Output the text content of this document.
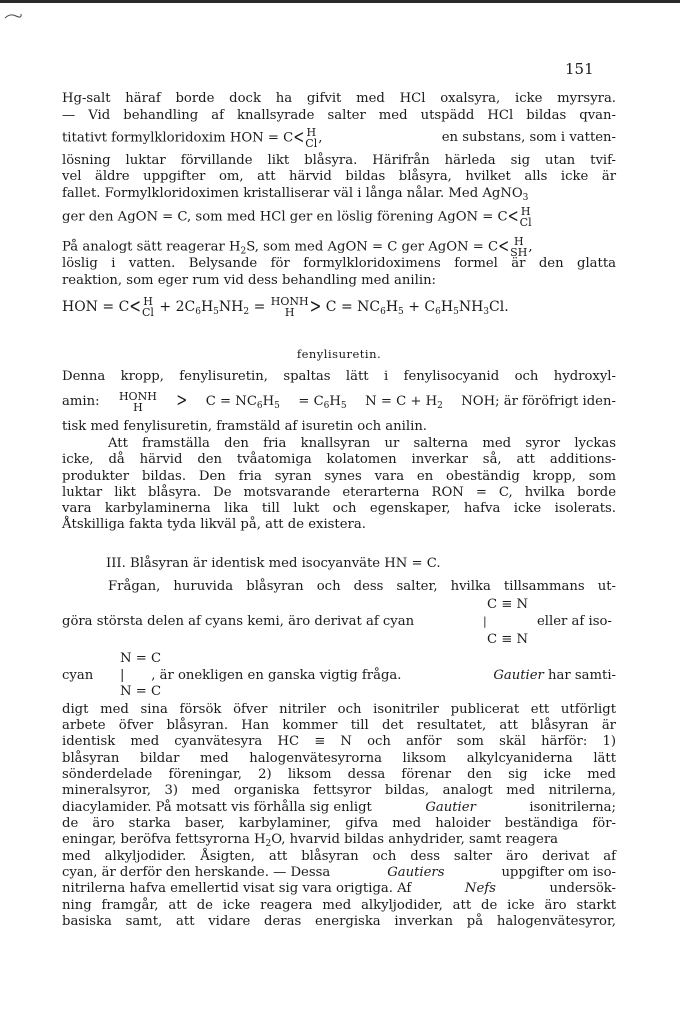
151
Hg-salt häraf borde dock ha gifvit med HCl oxalsyra, icke myrsyra.
— Vid behandling af knallsyrade salter med utspädd HCl bildas qvan-
titativt formylkloridoxim HON = C< H
Cl ,	en substans, som i vatten-
lösning luktar förvillande likt blåsyra. Härifrån härleda sig utan tvif-
vel äldre uppgifter om, att härvid bildas blåsyra, hvilket alls icke är
fallet. Formylkloridoximen kristalliserar väl i långa nålar. Med AgNO$_3$
ger den AgON = C, som med HCl ger en löslig förening AgON = C< H
Cl
På analogt sätt reagerar $H_2S$, som med AgON = C ger AgON = C< H
SH ,
löslig i vatten. Belysande för formylkloridoximens formel är den glatta
reaktion, som eger rum vid dess behandling med anilin:
HON = C< H
$Cl + 2C_6H_5NH_2$ = HONH
H	> $C = NC_6H_5 + C_6H_5NH_3Cl$.
fenylisuretin.
Denna kropp, fenylisuretin, spaltas lätt i fenylisocyanid och hydroxyl-
amin: HONH
H	> $C = NC_6H_5 = C_6H_5$ $N = C + H_2$ NOH; är föröfrigt iden-
tisk med fenylisuretin, framstäld af isuretin och anilin.
Att framställa den fria knallsyran ur salterna med syror lyckas
icke, då härvid den tvåatomiga kolatomen inverkar så, att additions-
produkter bildas. Den fria syran synes vara en obeständig kropp, som
luktar likt blåsyra. De motsvarande eterarterna RON = C, hvilka borde
vara karbylaminerna lika till lukt och egenskaper, hafva icke isolerats.
Åtskilliga fakta tyda likväl på, att de existera.
III. Blåsyran är identisk med isocyanväte HN = C.
Frågan, huruvida blåsyran och dess salter, hvilka tillsammans ut-
C ≡ N
göra största delen af cyans kemi, äro derivat af cyan	|	eller af iso-
C ≡ N
N = C
cyan | , är onekligen en ganska vigtig fråga.	Gautier har samti-
N = C
digt med sina försök öfver nitriler och isonitriler publicerat ett utförligt
arbete öfver blåsyran. Han kommer till det resultatet, att blåsyran är
identisk med cyanvätesyra HC ≡ N och anför som skäl härför: 1)
blåsyran bildar med halogenvätesyrorna liksom alkylcyaniderna lätt
sönderdelade föreningar, 2) liksom dessa förenar den sig icke med
mineralsyror, 3) med organiska fettsyror bildas, analogt med nitrilerna,
diacylamider. På motsatt vis förhålla sig enligt	Gautier	isonitrilerna;
de äro starka baser, karbylaminer, gifva med haloider beständiga för-
eningar, beröfva fettsyrorna $H_2O$, hvarvid bildas anhydrider, samt reagera
med alkyljodider. Åsigten, att blåsyran och dess salter äro derivat af
cyan, är derför den herskande. — Dessa	Gautiers	uppgifter om iso-
nitrilerna hafva emellertid visat sig vara origtiga. Af	Nefs	undersök-
ning framgår, att de icke reagera med alkyljodider, att de icke äro starkt
basiska samt, att vidare deras energiska inverkan på halogenvätesyror,
